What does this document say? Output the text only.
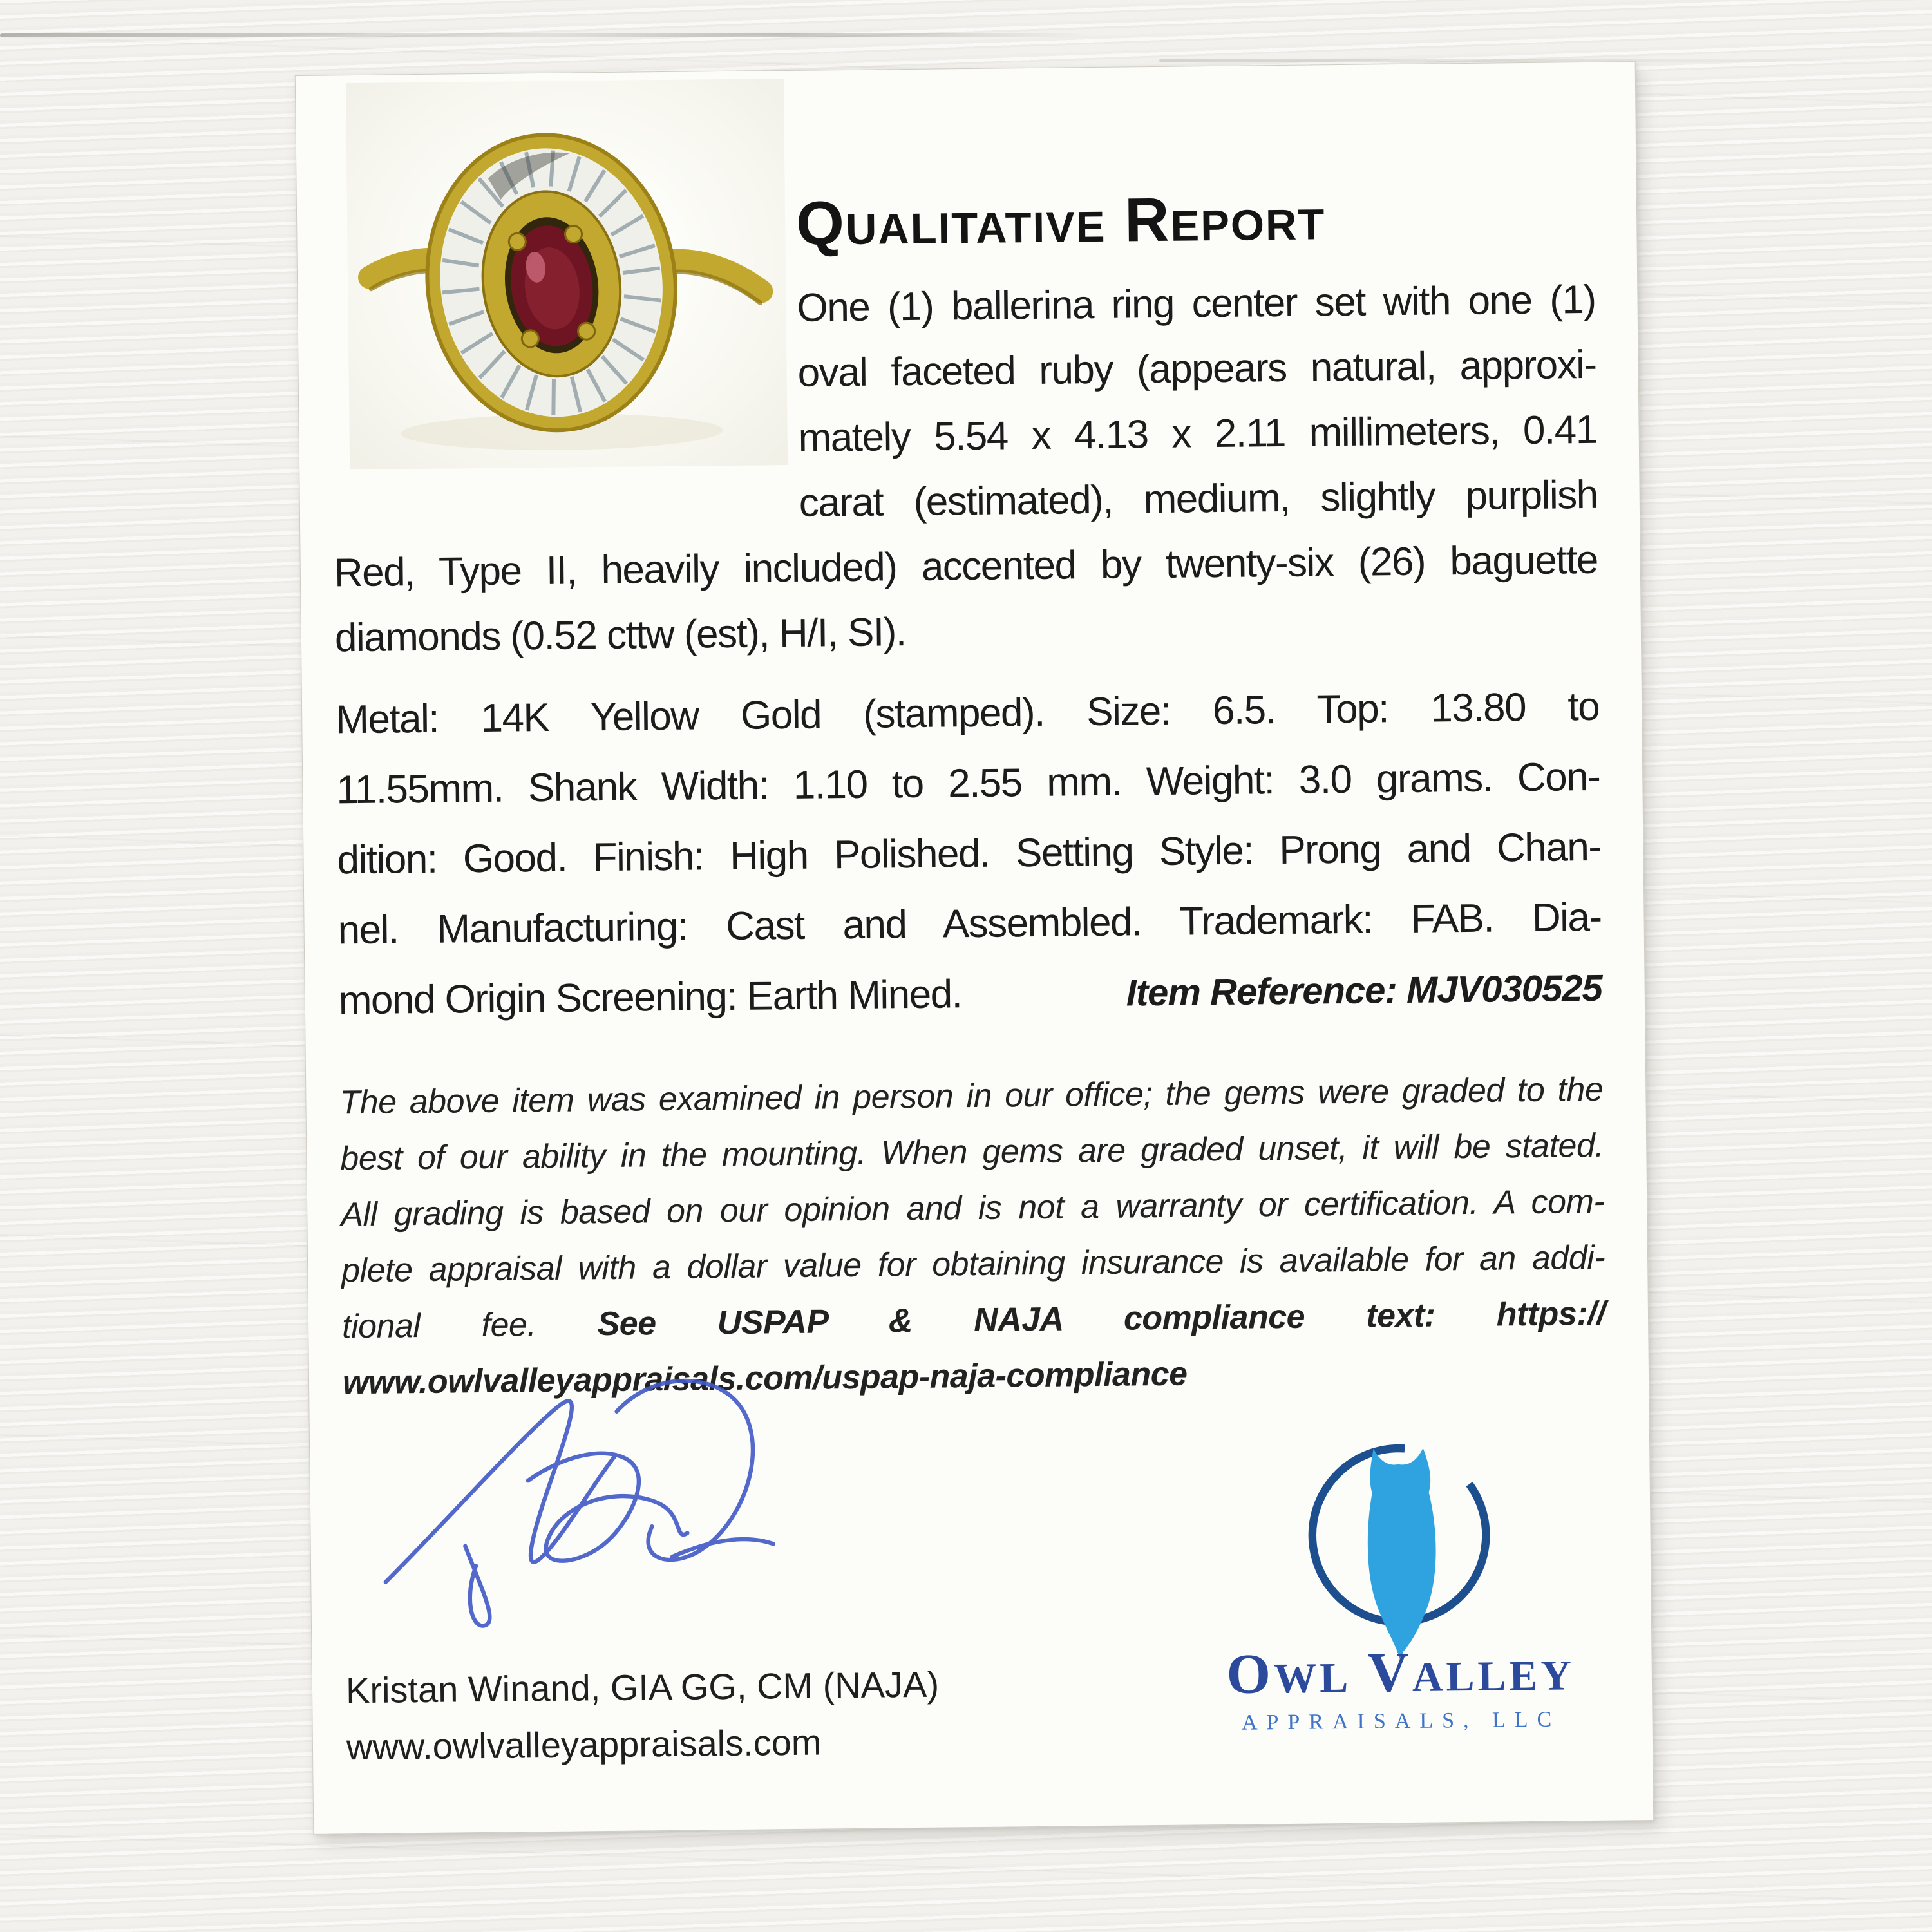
Qualitative Report
One (1) ballerina ring center set with one (1)
oval faceted ruby (appears natural, approxi-
mately 5.54 x 4.13 x 2.11 millimeters, 0.41
carat (estimated), medium, slightly purplish
Red, Type II, heavily included) accented by twenty-six (26) baguette
diamonds (0.52 cttw (est), H/I, SI).
Metal: 14K Yellow Gold (stamped). Size: 6.5. Top: 13.80 to
11.55mm. Shank Width: 1.10 to 2.55 mm. Weight: 3.0 grams. Con-
dition: Good. Finish: High Polished. Setting Style: Prong and Chan-
nel. Manufacturing: Cast and Assembled. Trademark: FAB. Dia-
mond Origin Screening: Earth Mined.	Item Reference: MJV030525
The above item was examined in person in our office; the gems were graded to the
best of our ability in the mounting. When gems are graded unset, it will be stated.
All grading is based on our opinion and is not a warranty or certification. A com-
plete appraisal with a dollar value for obtaining insurance is available for an addi-
tional fee. See USPAP & NAJA compliance text: https://
www.owlvalleyappraisals.com/uspap-naja-compliance
Kristan Winand, GIA GG, CM (NAJA)
www.owlvalleyappraisals.com
OWL VALLEY
APPRAISALS, LLC
